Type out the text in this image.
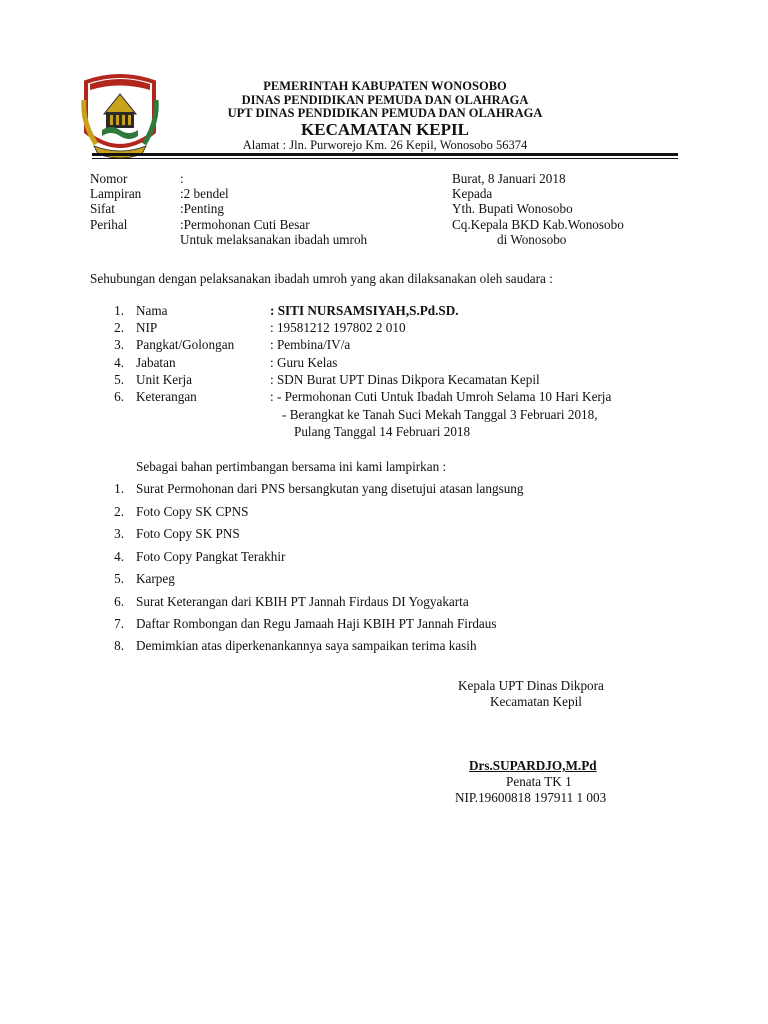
PEMERINTAH KABUPATEN WONOSOBO
DINAS PENDIDIKAN PEMUDA DAN OLAHRAGA
UPT DINAS PENDIDIKAN PEMUDA DAN OLAHRAGA
KECAMATAN KEPIL
Alamat : Jln. Purworejo Km. 26 Kepil, Wonosobo 56374
Nomor	:
Lampiran	:2 bendel
Sifat	:Penting
Perihal	:Permohonan Cuti Besar
Untuk melaksanakan ibadah umroh
Burat, 8 Januari 2018
Kepada
Yth. Bupati Wonosobo
Cq.Kepala BKD Kab.Wonosobo
di Wonosobo
Sehubungan dengan pelaksanakan ibadah umroh yang akan dilaksanakan oleh saudara :
1. Nama	: SITI NURSAMSIYAH,S.Pd.SD.
2. NIP	: 19581212 197802 2 010
3. Pangkat/Golongan	: Pembina/IV/a
4. Jabatan	: Guru Kelas
5. Unit Kerja	: SDN Burat UPT Dinas Dikpora Kecamatan Kepil
6. Keterangan	: - Permohonan Cuti Untuk Ibadah Umroh Selama 10 Hari Kerja
- Berangkat ke Tanah Suci Mekah Tanggal 3 Februari 2018,
Pulang Tanggal 14 Februari 2018
Sebagai bahan pertimbangan bersama ini kami lampirkan :
1. Surat Permohonan dari PNS bersangkutan yang disetujui atasan langsung
2. Foto Copy SK CPNS
3. Foto Copy SK PNS
4. Foto Copy Pangkat Terakhir
5. Karpeg
6. Surat Keterangan dari KBIH PT Jannah Firdaus DI Yogyakarta
7. Daftar Rombongan dan Regu Jamaah Haji KBIH PT Jannah Firdaus
8. Demimkian atas diperkenankannya saya sampaikan terima kasih
Kepala UPT Dinas Dikpora
Kecamatan Kepil
Drs.SUPARDJO,M.Pd
Penata TK 1
NIP.19600818 197911 1 003
